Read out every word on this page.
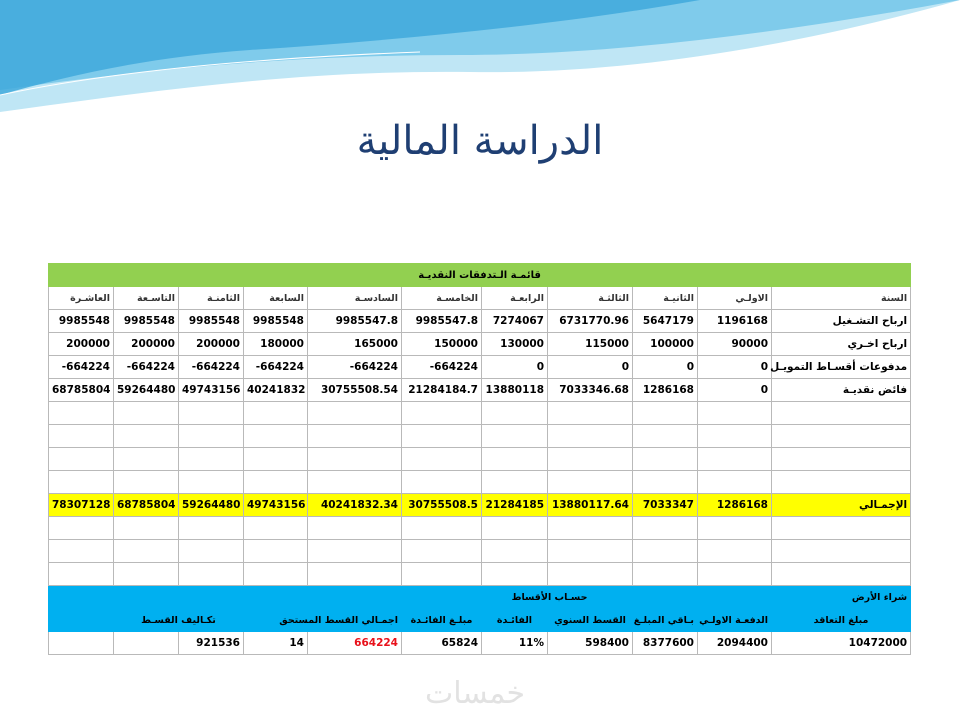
الدراسة المالية
قائمـة الـتدفقات النقديـة										
العاشـرة	التاسـعة	الثامنـة	السابعة	السادسـة	الخامسـة	الرابعـة	الثالثـة	الثانيـة	الاولـي	السنة
9985548	9985548	9985548	9985548	9985547.8	9985547.8	7274067	6731770.96	5647179	1196168	ارباح التشـغيل
200000	200000	200000	180000	165000	150000	130000	115000	100000	90000	ارباح اخـري
-664224	-664224	-664224	-664224	-664224	-664224	0	0	0	0	مدفوعات أقسـاط التمويـل
68785804	59264480	49743156	40241832	30755508.54	21284184.7	13880118	7033346.68	1286168	0	فائض نقديـة

78307128	68785804	59264480	49743156	40241832.34	30755508.5	21284185	13880117.64	7033347	1286168	الإجمـالي

					حسـاب الأقساط					شراء الأرض
	تكـاليف القسـط			اجمـالي القسط المستحق	مبلـغ الفائـدة	الفائـدة	القسط السنوي	بـاقي المبلـغ	الدفعـة الاولـي	مبلغ التعاقد
		921536	14	664224	65824	11%	598400	8377600	2094400	10472000
خمسات
